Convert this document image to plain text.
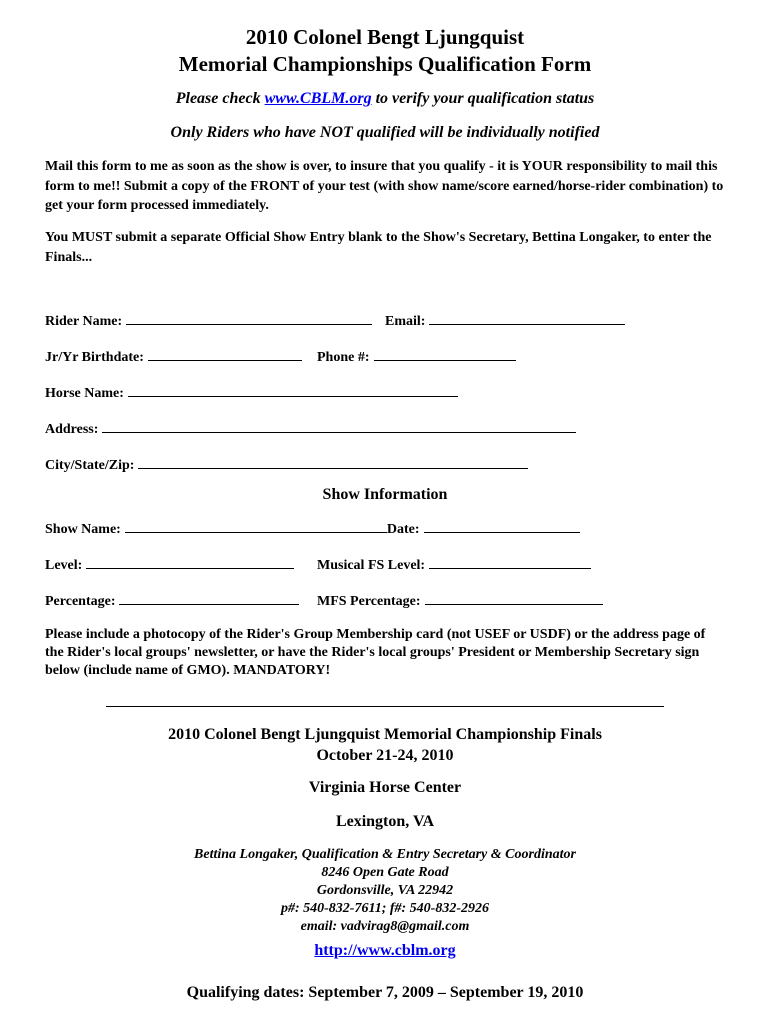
2010 Colonel Bengt Ljungquist
Memorial Championships Qualification Form
Please check www.CBLM.org to verify your qualification status
Only Riders who have NOT qualified will be individually notified
Mail this form to me as soon as the show is over, to insure that you qualify - it is YOUR responsibility to mail this form to me!! Submit a copy of the FRONT of your test (with show name/score earned/horse-rider combination) to get your form processed immediately.
You MUST submit a separate Official Show Entry blank to the Show's Secretary, Bettina Longaker, to enter the Finals...
Rider Name:	Email:
Jr/Yr Birthdate:	Phone #:
Horse Name:
Address:
City/State/Zip:
Show Information
Show Name:	Date:
Level:	Musical FS Level:
Percentage:	MFS Percentage:
Please include a photocopy of the Rider's Group Membership card (not USEF or USDF) or the address page of the Rider's local groups' newsletter, or have the Rider's local groups' President or Membership Secretary sign below (include name of GMO). MANDATORY!
2010 Colonel Bengt Ljungquist Memorial Championship Finals
October 21-24, 2010
Virginia Horse Center
Lexington, VA
Bettina Longaker, Qualification & Entry Secretary & Coordinator
8246 Open Gate Road
Gordonsville, VA 22942
p#: 540-832-7611; f#: 540-832-2926
email: vadvirag8@gmail.com
http://www.cblm.org
Qualifying dates: September 7, 2009 – September 19, 2010
